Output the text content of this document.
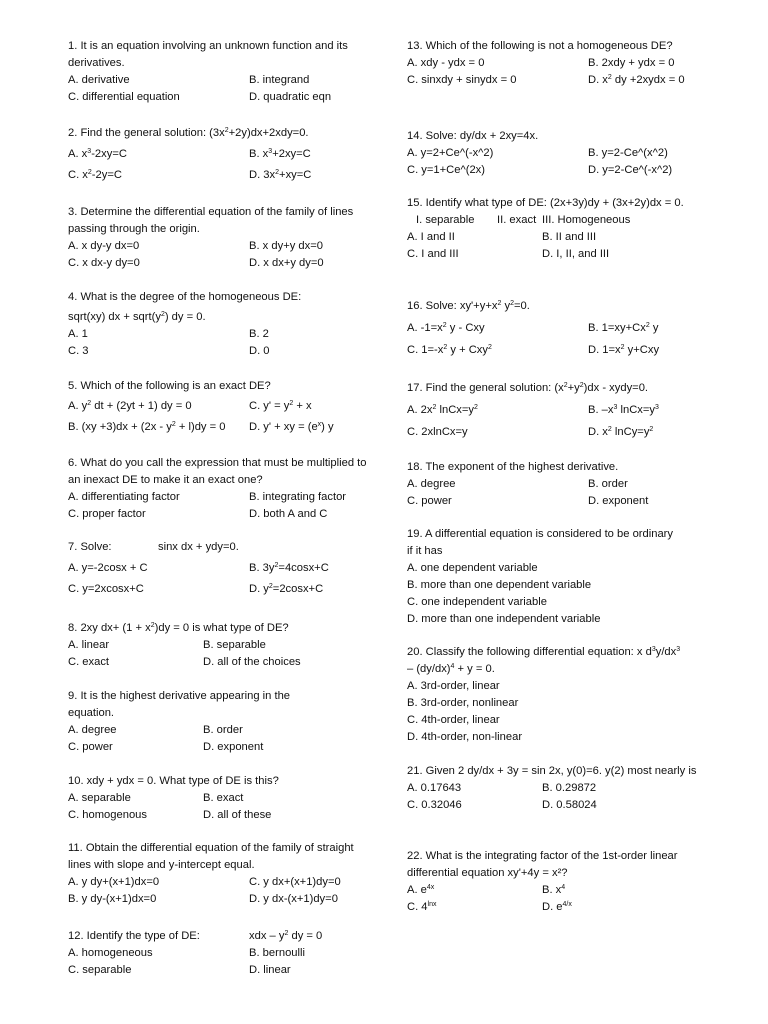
1. It is an equation involving an unknown function and its derivatives.
A. derivative	B. integrand
C. differential equation	D. quadratic eqn
2. Find the general solution: $(3x^2+2y)dx+2xdy=0$.
A. $x^3-2xy=C$	B. $x^3+2xy=C$
C. $x^2-2y=C$	D. $3x^2+xy=C$
3. Determine the differential equation of the family of lines passing through the origin.
A. x dy-y dx=0	B. x dy+y dx=0
C. x dx-y dy=0	D. x dx+y dy=0
4. What is the degree of the homogeneous DE:
sqrt(xy) dx + $sqrt(y^2)$ dy = 0.
A. 1	B. 2
C. 3	D. 0
5. Which of the following is an exact DE?
A. $y^2$ dt + (2yt + 1) dy = 0	C. $y' = y^2 + x$
B. $(xy +3)dx + (2x - y^2 + l)dy = 0$ D. y' + xy = $(e^x)$ y
6. What do you call the expression that must be multiplied to an inexact DE to make it an exact one?
A. differentiating factor	B. integrating factor
C. proper factor	D. both A and C
7. Solve:	sinx dx + ydy=0.
A. y=-2cosx + C	B. $3y^2=4\cos x+C$
C. y=2xcosx+C	D. $y^2=2\cos x+C$
8. 2xy $dx+ (1 + x^2)dy = 0$ is what type of DE?
A. linear	B. separable
C. exact	D. all of the choices
9. It is the highest derivative appearing in the equation.
A. degree	B. order
C. power	D. exponent
10. xdy + ydx = 0. What type of DE is this?
A. separable	B. exact
C. homogenous	D. all of these
11. Obtain the differential equation of the family of straight lines with slope and y-intercept equal.
A. y dy+(x+1)dx=0	C. y dx+(x+1)dy=0
B. y dy-(x+1)dx=0	D. y dx-(x+1)dy=0
12. Identify the type of DE:	xdx – $y^2$ dy = 0
A. homogeneous	B. bernoulli
C. separable	D. linear
13. Which of the following is not a homogeneous DE?
A. xdy - ydx = 0	B. 2xdy + ydx = 0
C. sinxdy + sinydx = 0	D. $x^2$ dy +2xydx = 0
14. Solve: dy/dx + 2xy=4x.
A. y=2+Ce^(-x^2)	B. y=2-Ce^(x^2)
C. y=1+Ce^(2x)	D. y=2-Ce^(-x^2)
15. Identify what type of DE: (2x+3y)dy + (3x+2y)dx = 0.
I. separable II. exact III. Homogeneous
A. I and II	B. II and III
C. I and III	D. I, II, and III
16. Solve: $xy'+y+x^2$ $y^2=0$.
A. $-1=x^2$ y - Cxy	B. $1=xy+Cx^2$ y
C. $1=-x^2$ y + Cxy$^2$	D. $1=x^2$ y+Cxy
17. Find the general solution: $(x^2+y^2)dx$ - xydy=0.
A. $2x^2$ $lnCx=y^2$	B. $-x^3$ $lnCx=y^3$
C. 2xlnCx=y	D. $x^2$ $lnCy=y^2$
18. The exponent of the highest derivative.
A. degree	B. order
C. power	D. exponent
19. A differential equation is considered to be ordinary if it has
A. one dependent variable
B. more than one dependent variable
C. one independent variable
D. more than one independent variable
20. Classify the following differential equation: x $d^3y/dx^3 - (dy/dx)^4 + y = 0$.
A. 3rd-order, linear
B. 3rd-order, nonlinear
C. 4th-order, linear
D. 4th-order, non-linear
21. Given 2 dy/dx + 3y = sin 2x, y(0)=6. y(2) most nearly is
A. 0.17643	B. 0.29872
C. 0.32046	D. 0.58024
22. What is the integrating factor of the 1st-order linear differential equation xy'+4y = x²?
A. $e^{4x}$	B. $x^4$
C. $4^{lnx}$	D. $e^{4/x}$
